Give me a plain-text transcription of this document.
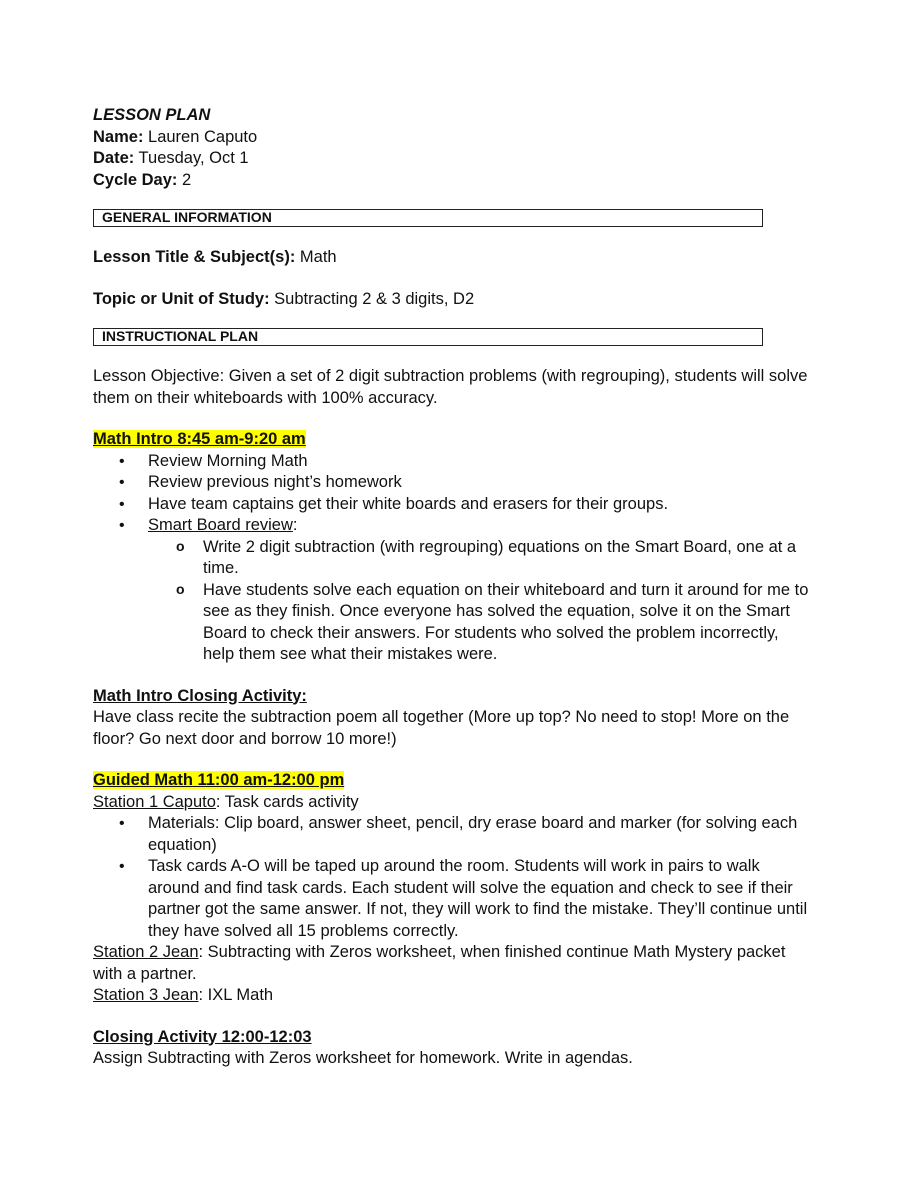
LESSON PLAN
Name: Lauren Caputo
Date: Tuesday, Oct 1
Cycle Day: 2
GENERAL INFORMATION
Lesson Title & Subject(s): Math
Topic or Unit of Study: Subtracting 2 & 3 digits, D2
INSTRUCTIONAL PLAN
Lesson Objective: Given a set of 2 digit subtraction problems (with regrouping), students will solve them on their whiteboards with 100% accuracy.
Math Intro 8:45 am-9:20 am
• Review Morning Math
• Review previous night’s homework
• Have team captains get their white boards and erasers for their groups.
• Smart Board review:
o Write 2 digit subtraction (with regrouping) equations on the Smart Board, one at a time.
o Have students solve each equation on their whiteboard and turn it around for me to see as they finish. Once everyone has solved the equation, solve it on the Smart Board to check their answers. For students who solved the problem incorrectly, help them see what their mistakes were.
Math Intro Closing Activity:
Have class recite the subtraction poem all together (More up top? No need to stop! More on the floor? Go next door and borrow 10 more!)
Guided Math 11:00 am-12:00 pm
Station 1 Caputo: Task cards activity
• Materials: Clip board, answer sheet, pencil, dry erase board and marker (for solving each equation)
• Task cards A-O will be taped up around the room. Students will work in pairs to walk around and find task cards. Each student will solve the equation and check to see if their partner got the same answer. If not, they will work to find the mistake. They’ll continue until they have solved all 15 problems correctly.
Station 2 Jean: Subtracting with Zeros worksheet, when finished continue Math Mystery packet with a partner.
Station 3 Jean: IXL Math
Closing Activity 12:00-12:03
Assign Subtracting with Zeros worksheet for homework. Write in agendas.
